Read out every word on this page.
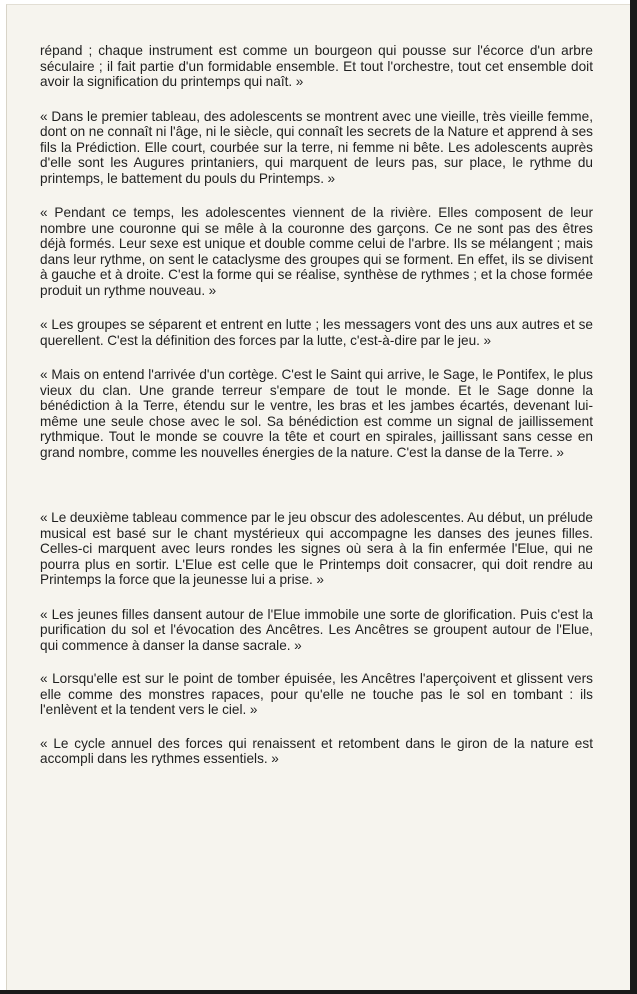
répand ; chaque instrument est comme un bourgeon qui pousse sur l'écorce d'un arbre séculaire ; il fait partie d'un formidable ensemble. Et tout l'orchestre, tout cet ensemble doit avoir la signification du printemps qui naît. »

« Dans le premier tableau, des adolescents se montrent avec une vieille, très vieille femme, dont on ne connaît ni l'âge, ni le siècle, qui connaît les secrets de la Nature et apprend à ses fils la Prédiction. Elle court, courbée sur la terre, ni femme ni bête. Les adolescents auprès d'elle sont les Augures printaniers, qui marquent de leurs pas, sur place, le rythme du printemps, le battement du pouls du Printemps. »

« Pendant ce temps, les adolescentes viennent de la rivière. Elles composent de leur nombre une couronne qui se mêle à la couronne des garçons. Ce ne sont pas des êtres déjà formés. Leur sexe est unique et double comme celui de l'arbre. Ils se mélangent ; mais dans leur rythme, on sent le cataclysme des groupes qui se forment. En effet, ils se divisent à gauche et à droite. C'est la forme qui se réalise, synthèse de rythmes ; et la chose formée produit un rythme nouveau. »

« Les groupes se séparent et entrent en lutte ; les messagers vont des uns aux autres et se querellent. C'est la définition des forces par la lutte, c'est-à-dire par le jeu. »

« Mais on entend l'arrivée d'un cortège. C'est le Saint qui arrive, le Sage, le Pontifex, le plus vieux du clan. Une grande terreur s'empare de tout le monde. Et le Sage donne la bénédiction à la Terre, étendu sur le ventre, les bras et les jambes écartés, devenant lui-même une seule chose avec le sol. Sa bénédiction est comme un signal de jaillissement rythmique. Tout le monde se couvre la tête et court en spirales, jaillissant sans cesse en grand nombre, comme les nouvelles énergies de la nature. C'est la danse de la Terre. »

« Le deuxième tableau commence par le jeu obscur des adolescentes. Au début, un prélude musical est basé sur le chant mystérieux qui accompagne les danses des jeunes filles. Celles-ci marquent avec leurs rondes les signes où sera à la fin enfermée l'Elue, qui ne pourra plus en sortir. L'Elue est celle que le Printemps doit consacrer, qui doit rendre au Printemps la force que la jeunesse lui a prise. »

« Les jeunes filles dansent autour de l'Elue immobile une sorte de glorification. Puis c'est la purification du sol et l'évocation des Ancêtres. Les Ancêtres se groupent autour de l'Elue, qui commence à danser la danse sacrale. »

« Lorsqu'elle est sur le point de tomber épuisée, les Ancêtres l'aperçoivent et glissent vers elle comme des monstres rapaces, pour qu'elle ne touche pas le sol en tombant : ils l'enlèvent et la tendent vers le ciel. »

« Le cycle annuel des forces qui renaissent et retombent dans le giron de la nature est accompli dans les rythmes essentiels. »
